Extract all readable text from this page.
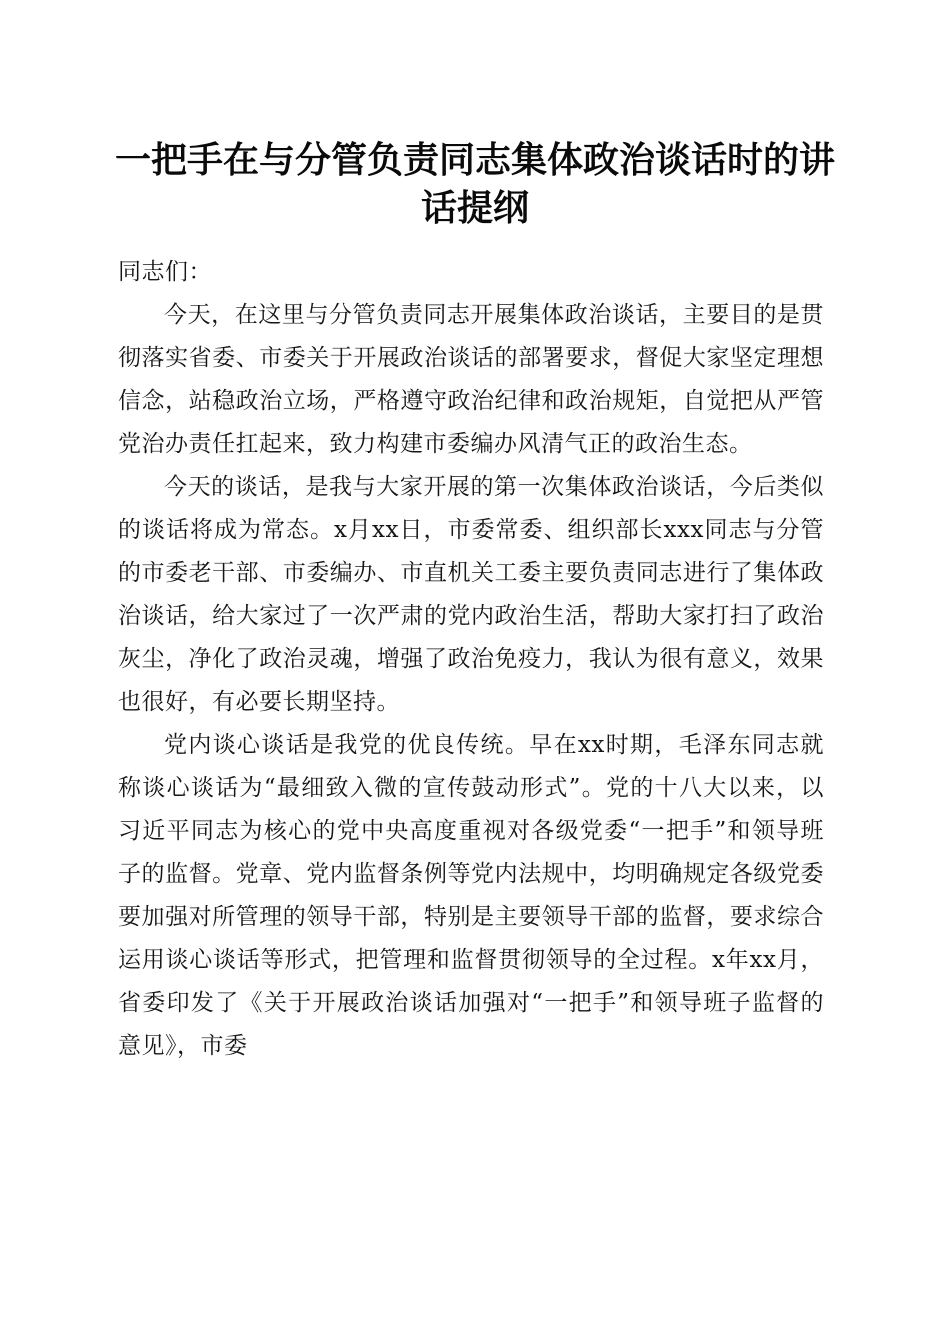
一把手在与分管负责同志集体政治谈话时的讲话提纲

同志们：

今天，在这里与分管负责同志开展集体政治谈话，主要目的是贯彻落实省委、市委关于开展政治谈话的部署要求，督促大家坚定理想信念，站稳政治立场，严格遵守政治纪律和政治规矩，自觉把从严管党治办责任扛起来，致力构建市委编办风清气正的政治生态。

今天的谈话，是我与大家开展的第一次集体政治谈话，今后类似的谈话将成为常态。x月xx日，市委常委、组织部长xxx同志与分管的市委老干部、市委编办、市直机关工委主要负责同志进行了集体政治谈话，给大家过了一次严肃的党内政治生活，帮助大家打扫了政治灰尘，净化了政治灵魂，增强了政治免疫力，我认为很有意义，效果也很好，有必要长期坚持。

党内谈心谈话是我党的优良传统。早在xx时期，毛泽东同志就称谈心谈话为“最细致入微的宣传鼓动形式”。党的十八大以来，以习近平同志为核心的党中央高度重视对各级党委“一把手”和领导班子的监督。党章、党内监督条例等党内法规中，均明确规定各级党委要加强对所管理的领导干部，特别是主要领导干部的监督，要求综合运用谈心谈话等形式，把管理和监督贯彻领导的全过程。x年xx月，省委印发了《关于开展政治谈话加强对“一把手”和领导班子监督的意见》，市委
